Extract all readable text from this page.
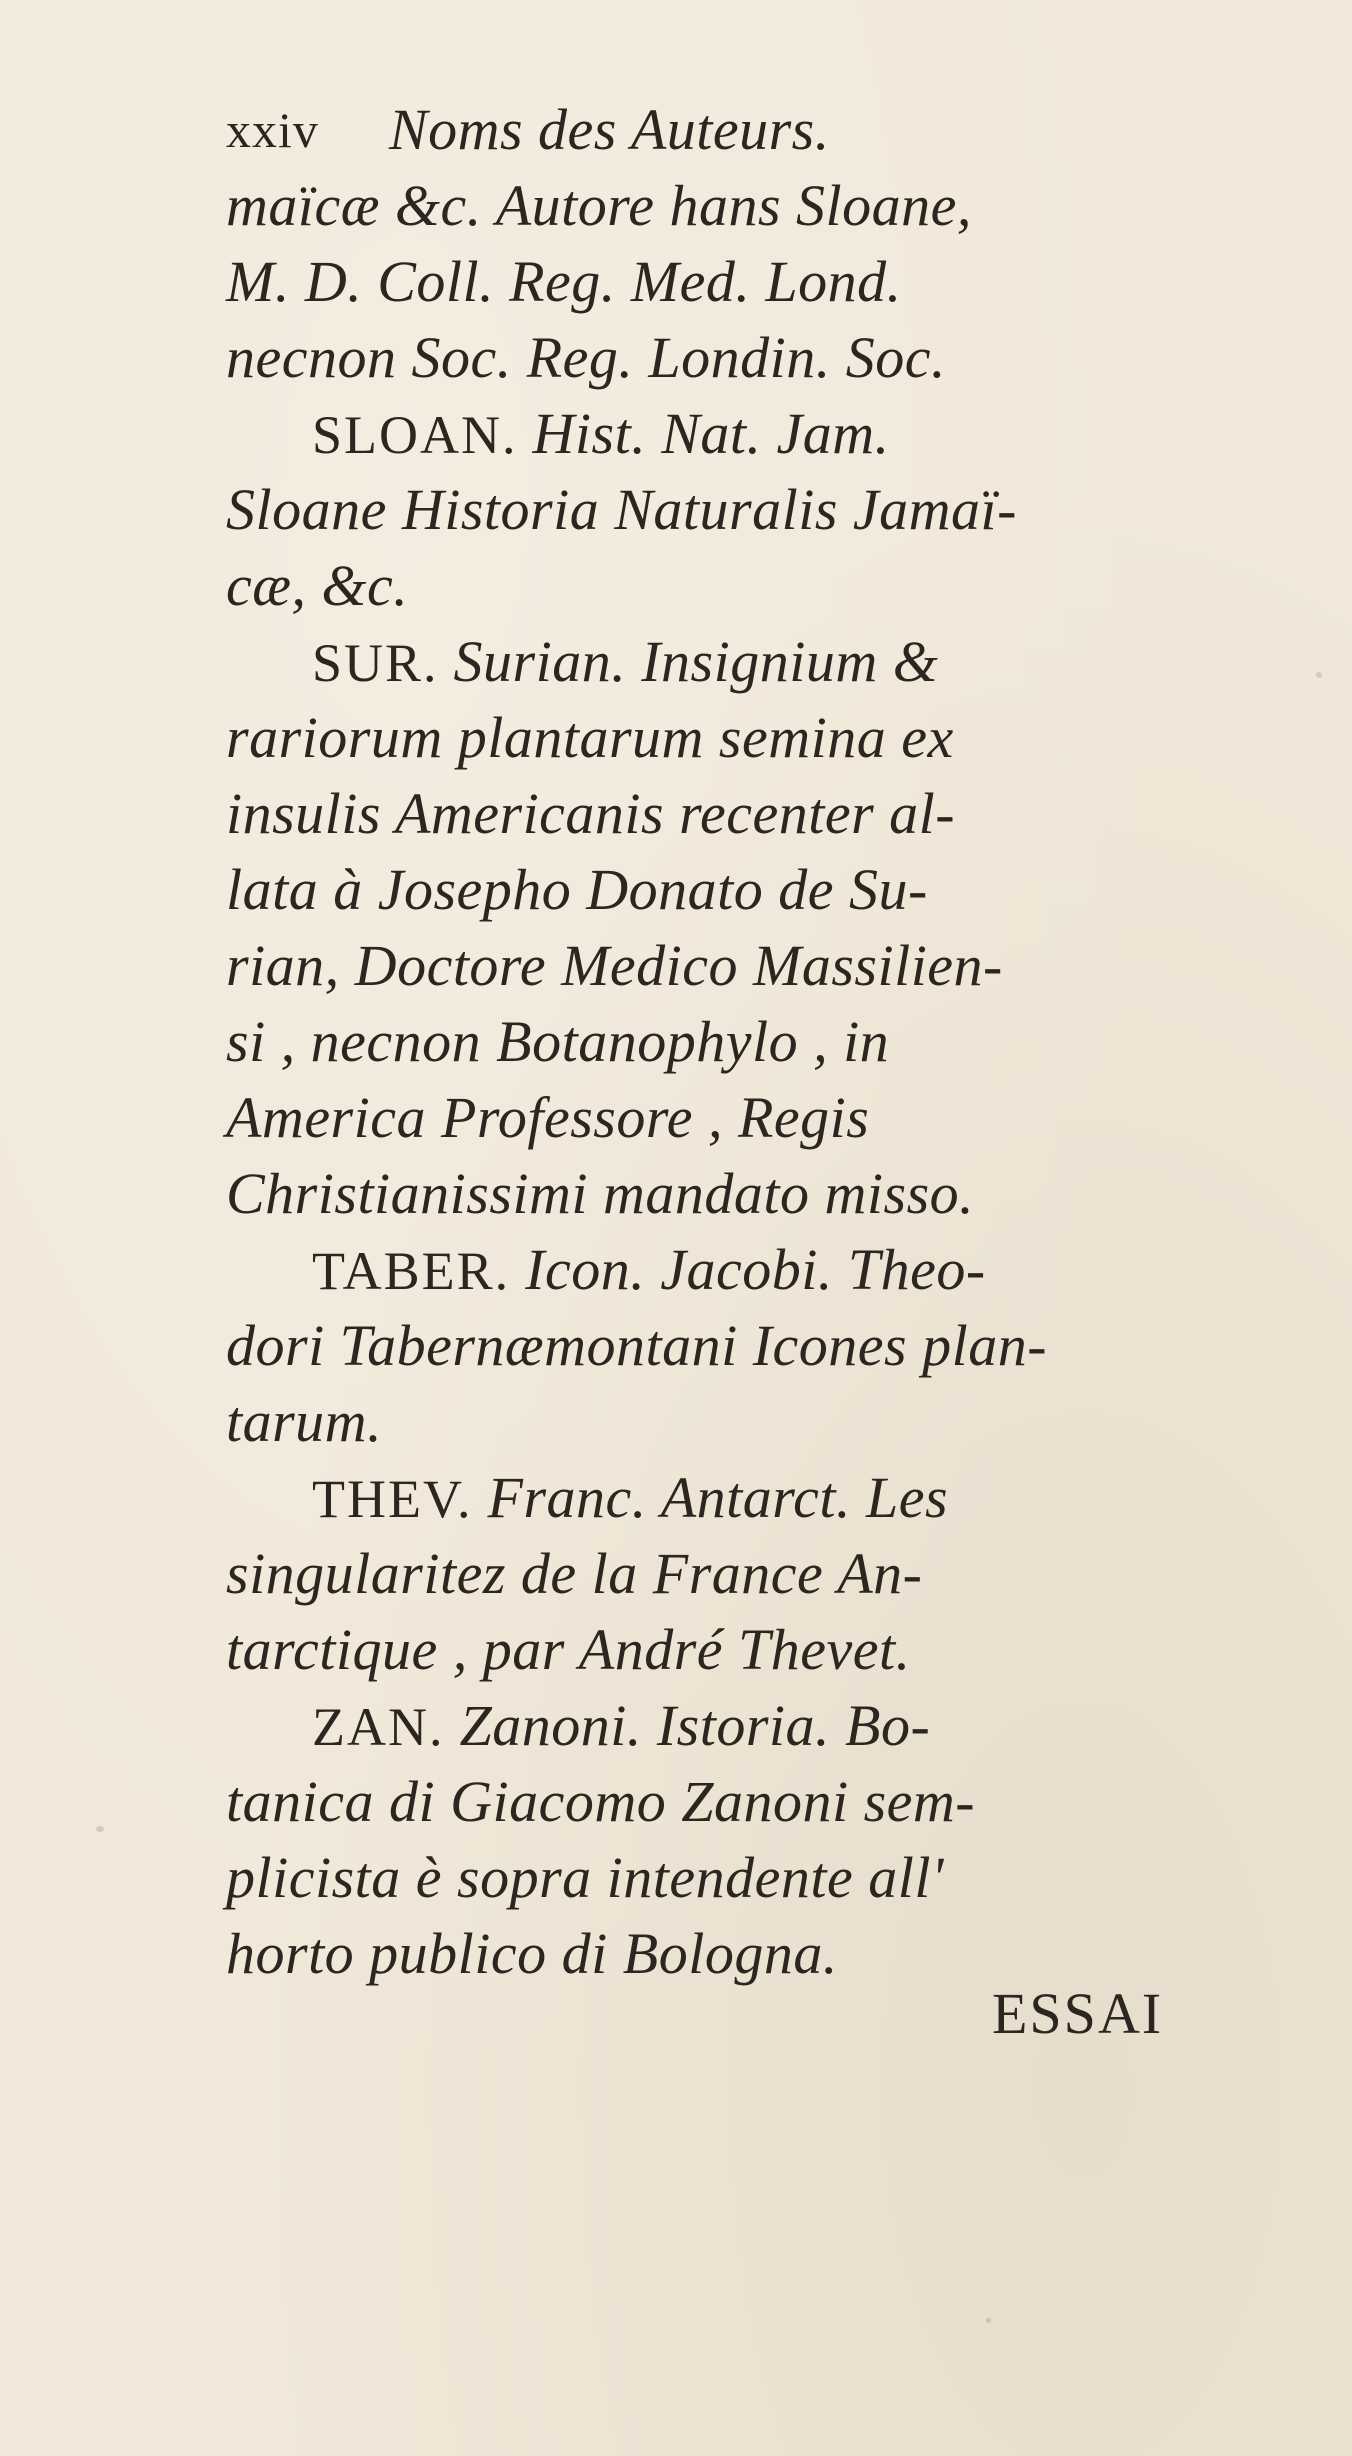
xxiv Noms des Auteurs.
maïcæ &c. Autore hans Sloane,
M. D. Coll. Reg. Med. Lond.
necnon Soc. Reg. Londin. Soc.
SLOAN. Hist. Nat. Jam.
Sloane Historia Naturalis Jamaï-
cæ, &c.
SUR. Surian. Insignium &
rariorum plantarum semina ex
insulis Americanis recenter al-
lata à Josepho Donato de Su-
rian, Doctore Medico Massilien-
si , necnon Botanophylo , in
America Professore , Regis
Christianissimi mandato misso.
TABER. Icon. Jacobi. Theo-
dori Tabernæmontani Icones plan-
tarum.
THEV. Franc. Antarct. Les
singularitez de la France An-
tarctique , par André Thevet.
ZAN. Zanoni. Istoria. Bo-
tanica di Giacomo Zanoni sem-
plicista è sopra intendente all'
horto publico di Bologna.
ESSAI
